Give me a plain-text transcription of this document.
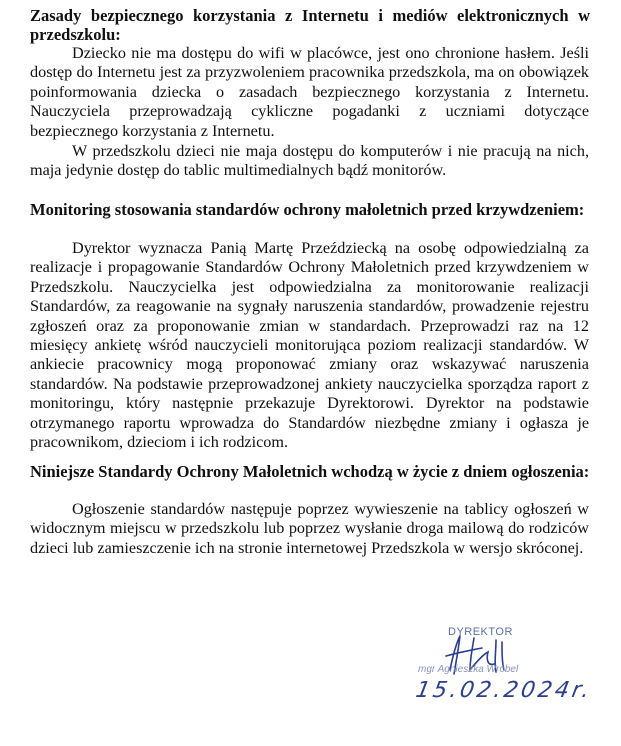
Zasady bezpiecznego korzystania z Internetu i mediów elektronicznych w przedszkolu:
Dziecko nie ma dostępu do wifi w placówce, jest ono chronione hasłem. Jeśli dostęp do Internetu jest za przyzwoleniem pracownika przedszkola, ma on obowiązek poinformowania dziecka o zasadach bezpiecznego korzystania z Internetu. Nauczyciela przeprowadzają cykliczne pogadanki z uczniami dotyczące bezpiecznego korzystania z Internetu.
W przedszkolu dzieci nie maja dostępu do komputerów i nie pracują na nich, maja jedynie dostęp do tablic multimedialnych bądź monitorów.
Monitoring stosowania standardów ochrony małoletnich przed krzywdzeniem:
Dyrektor wyznacza Panią Martę Przeździecką na osobę odpowiedzialną za realizacje i propagowanie Standardów Ochrony Małoletnich przed krzywdzeniem w Przedszkolu. Nauczycielka jest odpowiedzialna za monitorowanie realizacji Standardów, za reagowanie na sygnały naruszenia standardów, prowadzenie rejestru zgłoszeń oraz za proponowanie zmian w standardach. Przeprowadzi raz na 12 miesięcy ankietę wśród nauczycieli monitorująca poziom realizacji standardów. W ankiecie pracownicy mogą proponować zmiany oraz wskazywać naruszenia standardów. Na podstawie przeprowadzonej ankiety nauczycielka sporządza raport z monitoringu, który następnie przekazuje Dyrektorowi. Dyrektor na podstawie otrzymanego raportu wprowadza do Standardów niezbędne zmiany i ogłasza je pracownikom, dzieciom i ich rodzicom.
Niniejsze Standardy Ochrony Małoletnich wchodzą w życie z dniem ogłoszenia:
Ogłoszenie standardów następuje poprzez wywieszenie na tablicy ogłoszeń w widocznym miejscu w przedszkolu lub poprzez wysłanie droga mailową do rodziców dzieci lub zamieszczenie ich na stronie internetowej Przedszkola w wersjo skróconej.
DYREKTOR
mgr Agnieszka Wróbel
15.02.2024r.
